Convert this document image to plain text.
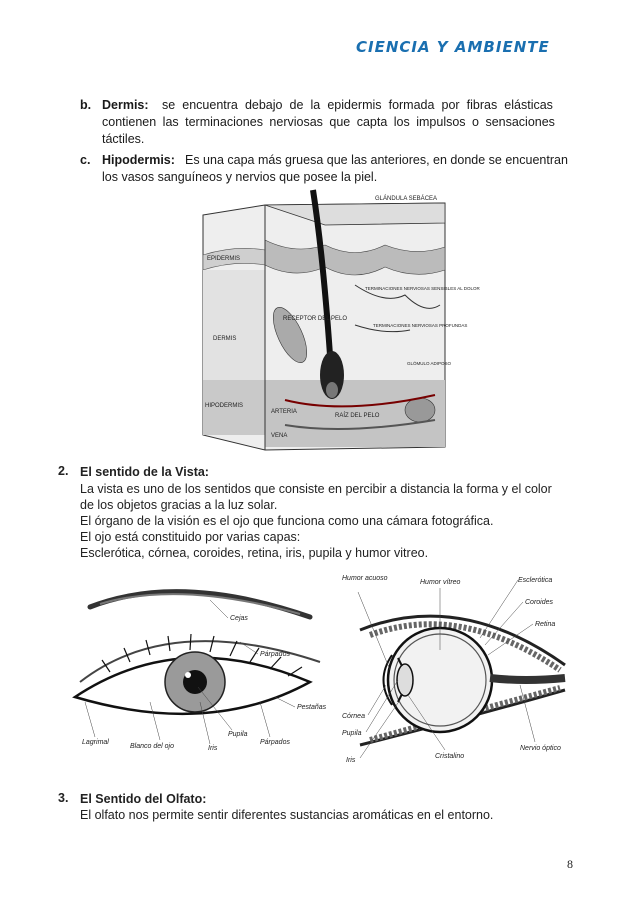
CIENCIA Y AMBIENTE
b. Dermis: se encuentra debajo de la epidermis formada por fibras elásticas
contienen las terminaciones nerviosas que capta los impulsos o sensaciones
táctiles.
c. Hipodermis: Es una capa más gruesa que las anteriores, en donde se encuentran
los vasos sanguíneos y nervios que posee la piel.
GLÁNDULA SEBÁCEA
EPIDERMIS
DERMIS
HIPODERMIS
RECEPTOR DEL PELO
TERMINACIONES NERVIOSAS SENSIBLES AL DOLOR
TERMINACIONES NERVIOSAS PROFUNDAS
GLÓMULO ADIPOSO
ARTERIA
VENA
RAÍZ DEL PELO
2. El sentido de la Vista:
La vista es uno de los sentidos que consiste en percibir a distancia la forma y el color
de los objetos gracias a la luz solar.
El órgano de la visión es el ojo que funciona como una cámara fotográfica.
El ojo está constituido por varias capas:
Esclerótica, córnea, coroides, retina, iris, pupila y humor vitreo.
Cejas
Párpados
Pestañas
Lagrimal
Blanco del ojo	Iris
Pupila
Párpados
Humor acuoso
Humor vítreo	Esclerótica
Coroides
Retina
Córnea
Pupila
Iris
Cristalino
Nervio óptico
3. El Sentido del Olfato:
El olfato nos permite sentir diferentes sustancias aromáticas en el entorno.
8
